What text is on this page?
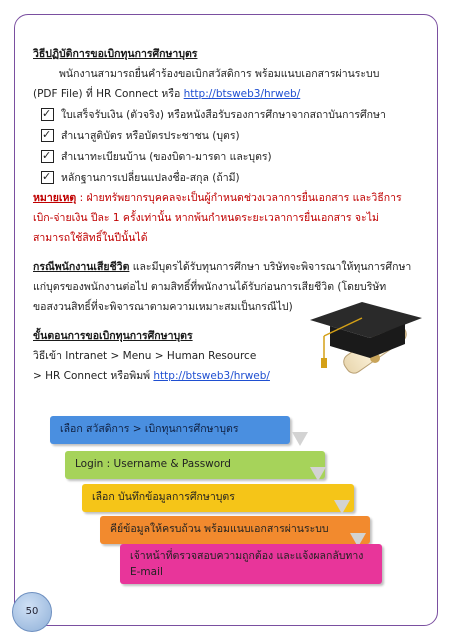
วิธีปฏิบัติการขอเบิกทุนการศึกษาบุตร
พนักงานสามารถยื่นคำร้องขอเบิกสวัสดิการ พร้อมแนบเอกสารผ่านระบบ
(PDF File) ที่ HR Connect หรือ http://btsweb3/hrweb/
✓
ใบเสร็จรับเงิน (ตัวจริง) หรือหนังสือรับรองการศึกษาจากสถาบันการศึกษา
✓
สำเนาสูติบัตร หรือบัตรประชาชน (บุตร)
✓
สำเนาทะเบียนบ้าน (ของบิดา-มารดา และบุตร)
✓
หลักฐานการเปลี่ยนแปลงชื่อ-สกุล (ถ้ามี)
หมายเหตุ : ฝ่ายทรัพยากรบุคคลจะเป็นผู้กำหนดช่วงเวลาการยื่นเอกสาร และวิธีการ
เบิก-จ่ายเงิน ปีละ 1 ครั้งเท่านั้น หากพ้นกำหนดระยะเวลาการยื่นเอกสาร จะไม่
สามารถใช้สิทธิ์ในปีนั้นได้
กรณีพนักงานเสียชีวิต และมีบุตรได้รับทุนการศึกษา บริษัทจะพิจารณาให้ทุนการศึกษา
แก่บุตรของพนักงานต่อไป ตามสิทธิ์ที่พนักงานได้รับก่อนการเสียชีวิต (โดยบริษัท
ขอสงวนสิทธิ์ที่จะพิจารณาตามความเหมาะสมเป็นกรณีไป)
ขั้นตอนการขอเบิกทุนการศึกษาบุตร
วิธีเข้า Intranet > Menu > Human Resource
> HR Connect หรือพิมพ์ http://btsweb3/hrweb/
เลือก สวัสดิการ > เบิกทุนการศึกษาบุตร
Login : Username & Password
เลือก บันทึกข้อมูลการศึกษาบุตร
คีย์ข้อมูลให้ครบถ้วน พร้อมแนบเอกสารผ่านระบบ
เจ้าหน้าที่ตรวจสอบความถูกต้อง และแจ้งผลกลับทาง E-mail
50
